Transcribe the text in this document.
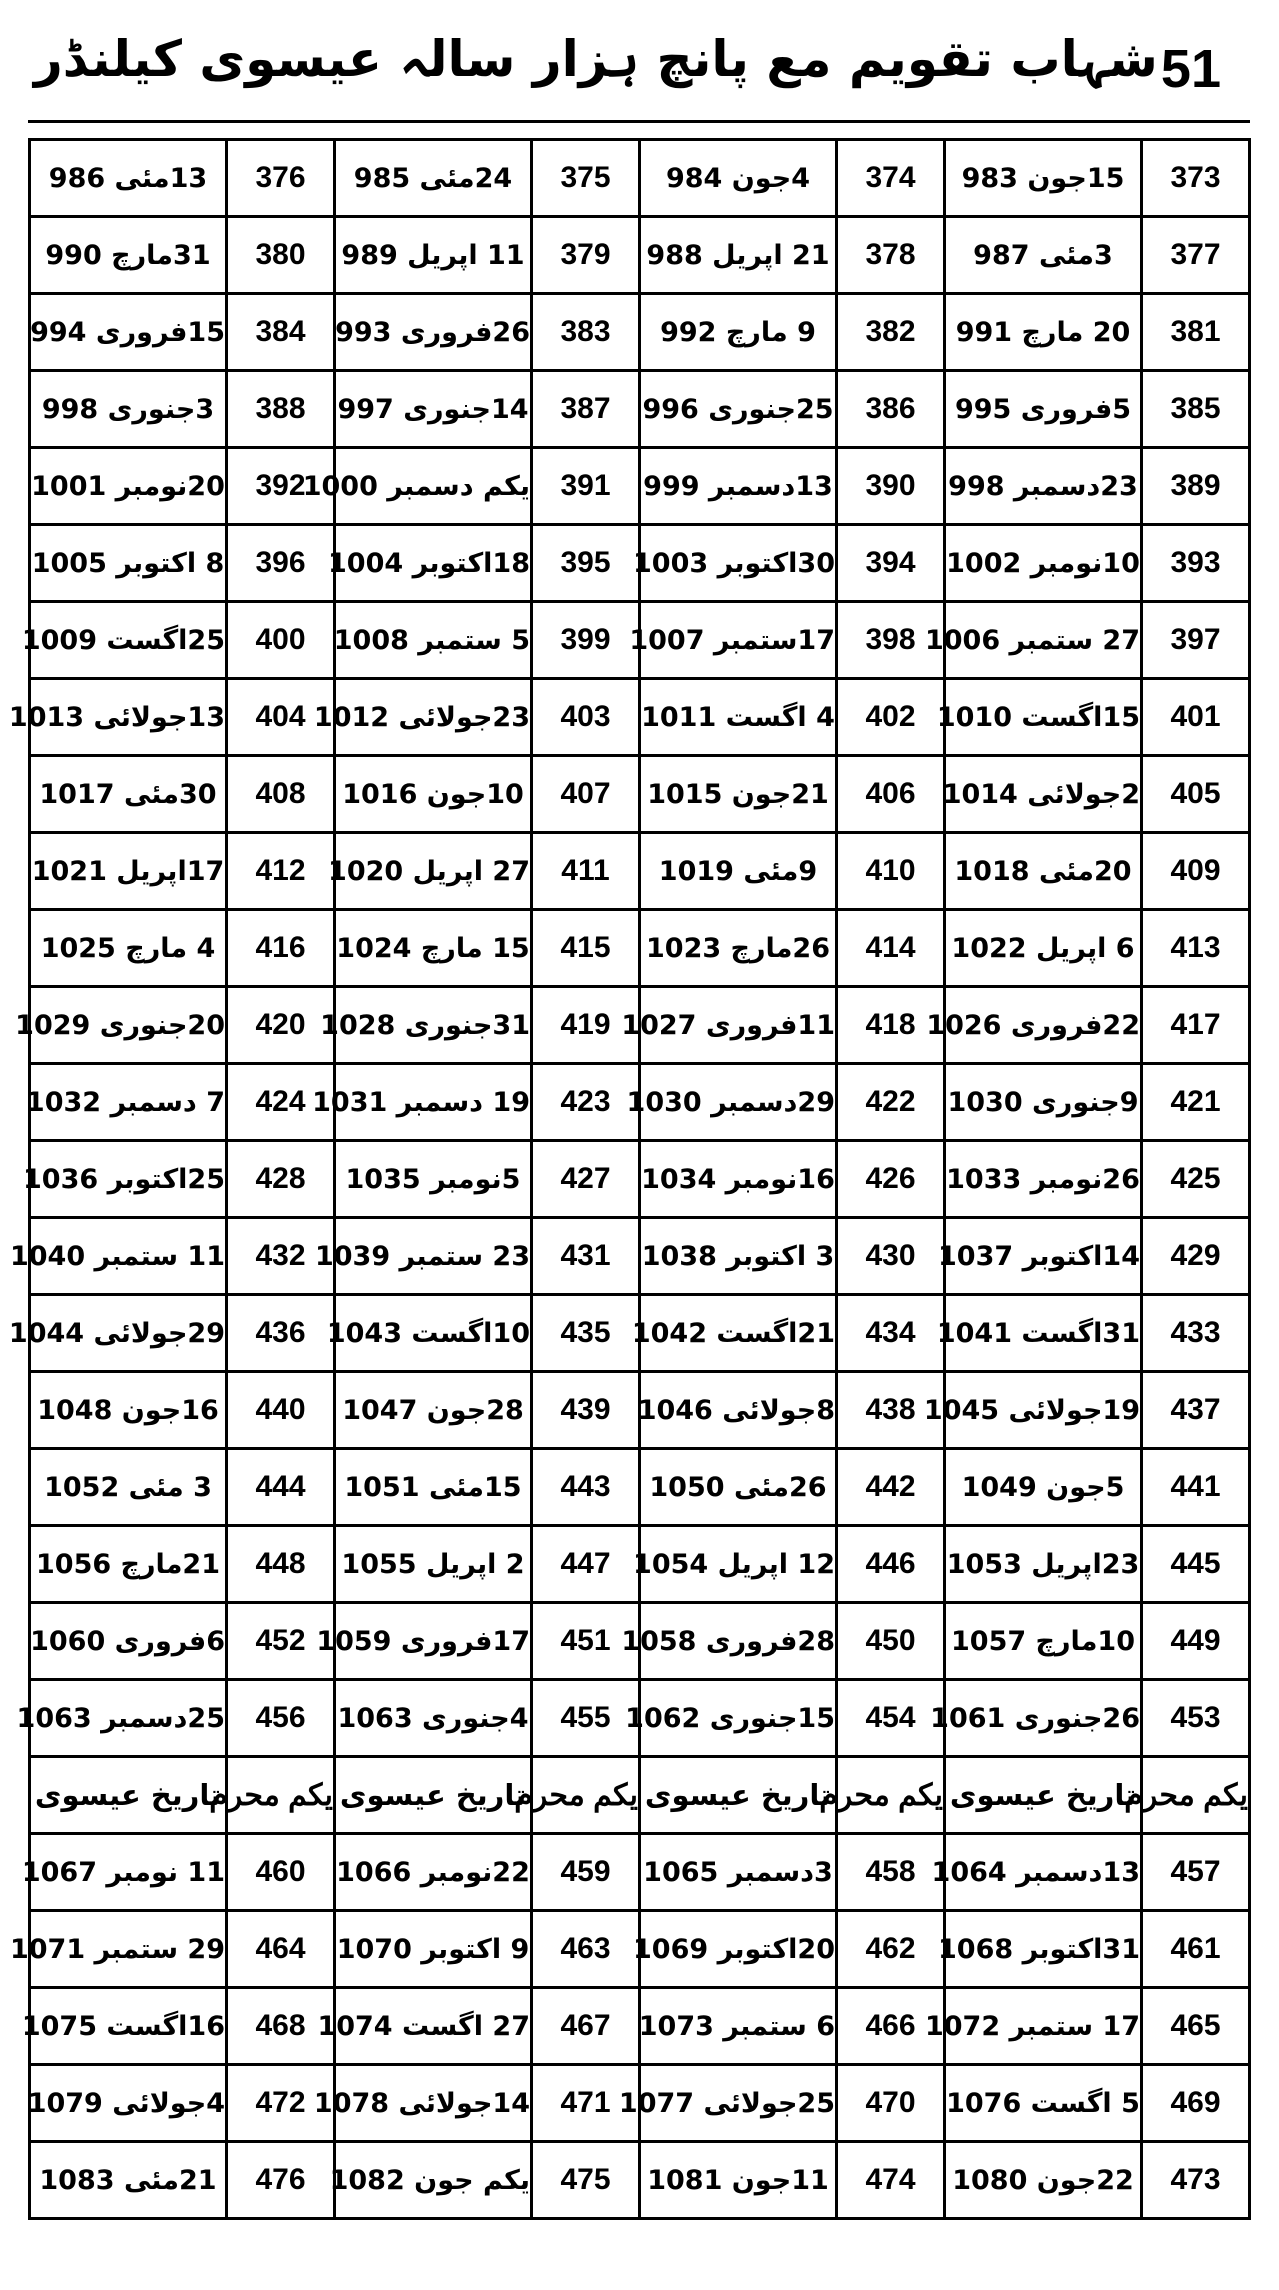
شہاب تقویم مع پانچ ہزار سالہ عیسوی کیلنڈر 51
373	15جون 983	374	4جون 984	375	24مئی 985	376	13مئی 986
377	3مئی 987	378	21 اپریل 988	379	11 اپریل 989	380	31مارچ 990
381	20 مارچ 991	382	9 مارچ 992	383	26فروری 993	384	15فروری 994
385	5فروری 995	386	25جنوری 996	387	14جنوری 997	388	3جنوری 998
389	23دسمبر 998	390	13دسمبر 999	391	یکم دسمبر 1000	392	20نومبر 1001
393	10نومبر 1002	394	30اکتوبر 1003	395	18اکتوبر 1004	396	8 اکتوبر 1005
397	27 ستمبر 1006	398	17ستمبر 1007	399	5 ستمبر 1008	400	25اگست 1009
401	15اگست 1010	402	4 اگست 1011	403	23جولائی 1012	404	13جولائی 1013
405	2جولائی 1014	406	21جون 1015	407	10جون 1016	408	30مئی 1017
409	20مئی 1018	410	9مئی 1019	411	27 اپریل 1020	412	17اپریل 1021
413	6 اپریل 1022	414	26مارچ 1023	415	15 مارچ 1024	416	4 مارچ 1025
417	22فروری 1026	418	11فروری 1027	419	31جنوری 1028	420	20جنوری 1029
421	9جنوری 1030	422	29دسمبر 1030	423	19 دسمبر 1031	424	7 دسمبر 1032
425	26نومبر 1033	426	16نومبر 1034	427	5نومبر 1035	428	25اکتوبر 1036
429	14اکتوبر 1037	430	3 اکتوبر 1038	431	23 ستمبر 1039	432	11 ستمبر 1040
433	31اگست 1041	434	21اگست 1042	435	10اگست 1043	436	29جولائی 1044
437	19جولائی 1045	438	8جولائی 1046	439	28جون 1047	440	16جون 1048
441	5جون 1049	442	26مئی 1050	443	15مئی 1051	444	3 مئی 1052
445	23اپریل 1053	446	12 اپریل 1054	447	2 اپریل 1055	448	21مارچ 1056
449	10مارچ 1057	450	28فروری 1058	451	17فروری 1059	452	6فروری 1060
453	26جنوری 1061	454	15جنوری 1062	455	4جنوری 1063	456	25دسمبر 1063
یکم محرم	تاریخ عیسوی	یکم محرم	تاریخ عیسوی	یکم محرم	تاریخ عیسوی	یکم محرم	تاریخ عیسوی
457	13دسمبر 1064	458	3دسمبر 1065	459	22نومبر 1066	460	11 نومبر 1067
461	31اکتوبر 1068	462	20اکتوبر 1069	463	9 اکتوبر 1070	464	29 ستمبر 1071
465	17 ستمبر 1072	466	6 ستمبر 1073	467	27 اگست 1074	468	16اگست 1075
469	5 اگست 1076	470	25جولائی 1077	471	14جولائی 1078	472	4جولائی 1079
473	22جون 1080	474	11جون 1081	475	یکم جون 1082	476	21مئی 1083
